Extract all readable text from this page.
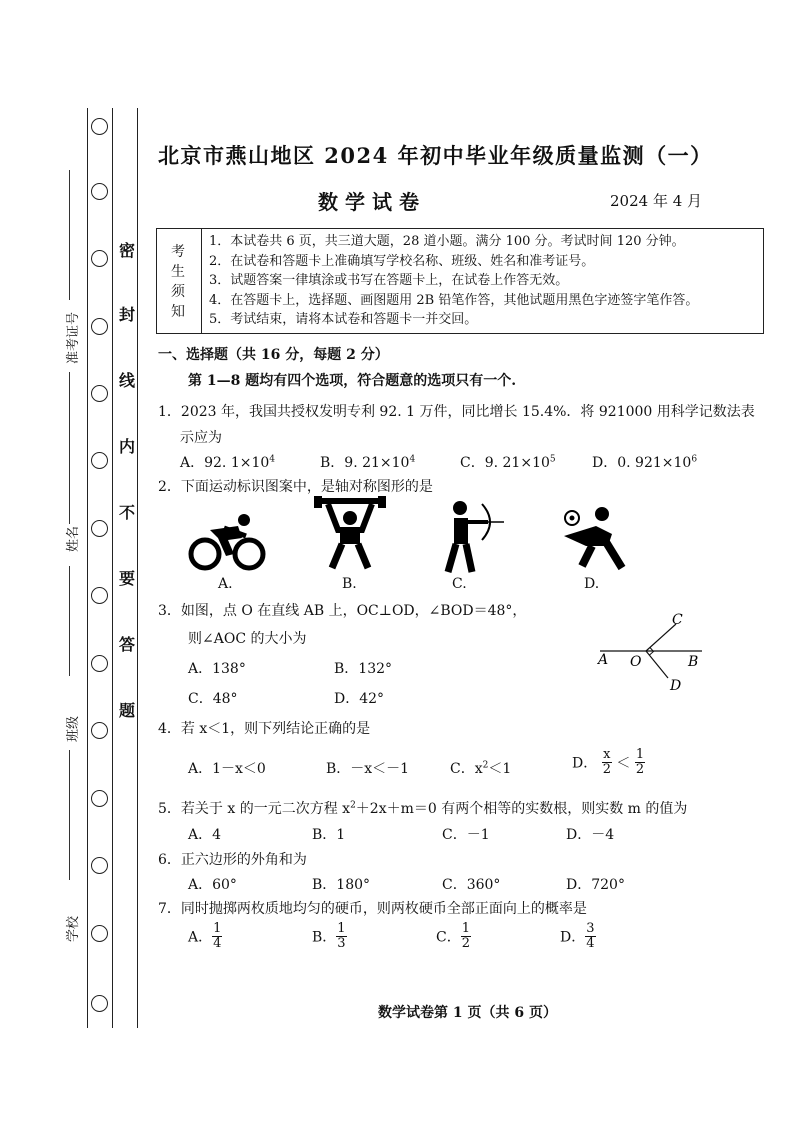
密
封
线
内
不
要
答
题
准考证号
姓名
班级
学校
北京市燕山地区 2024 年初中毕业年级质量监测（一）
数学试卷	2024 年 4 月
考
生
须
知
1．本试卷共 6 页，共三道大题，28 道小题。满分 100 分。考试时间 120 分钟。
2．在试卷和答题卡上准确填写学校名称、班级、姓名和准考证号。
3．试题答案一律填涂或书写在答题卡上，在试卷上作答无效。
4．在答题卡上，选择题、画图题用 2B 铅笔作答，其他试题用黑色字迹签字笔作答。
5．考试结束，请将本试卷和答题卡一并交回。
一、选择题（共 16 分，每题 2 分）
第 1—8 题均有四个选项，符合题意的选项只有一个.
1．2023 年，我国共授权发明专利 92. 1 万件，同比增长 15.4%．将 921000 用科学记数法表
示应为
A．92. $1\times 10^4$	B．9. $21\times 10^4$	C．9. $21\times 10^5$	D．0. $921\times 10^6$
2．下面运动标识图案中，是轴对称图形的是
A.	B.	C.	D.
3．如图，点 O 在直线 AB 上，OC⊥OD，∠BOD＝48°，
则∠AOC 的大小为
A．138°	B．132°
C．48°	D．42°
A O	B
C
D
4．若 x＜1，则下列结论正确的是
A．1－x＜0	B．－x＜－1	C．$x^2<1$	D． $\frac{x}{2} < \frac{1}{2}$
5．若关于 x 的一元二次方程 $x^2+2x+m=0$ 有两个相等的实数根，则实数 m 的值为
A．4	B．1	C．－1	D．－4
6．正六边形的外角和为
A．60°	B．180°	C．360°	D．720°
7．同时抛掷两枚质地均匀的硬币，则两枚硬币全部正面向上的概率是
A． $\frac{1}{4}$	B． $\frac{1}{3}$	C． $\frac{1}{2}$	D． $\frac{3}{4}$
数学试卷第 1 页（共 6 页）
